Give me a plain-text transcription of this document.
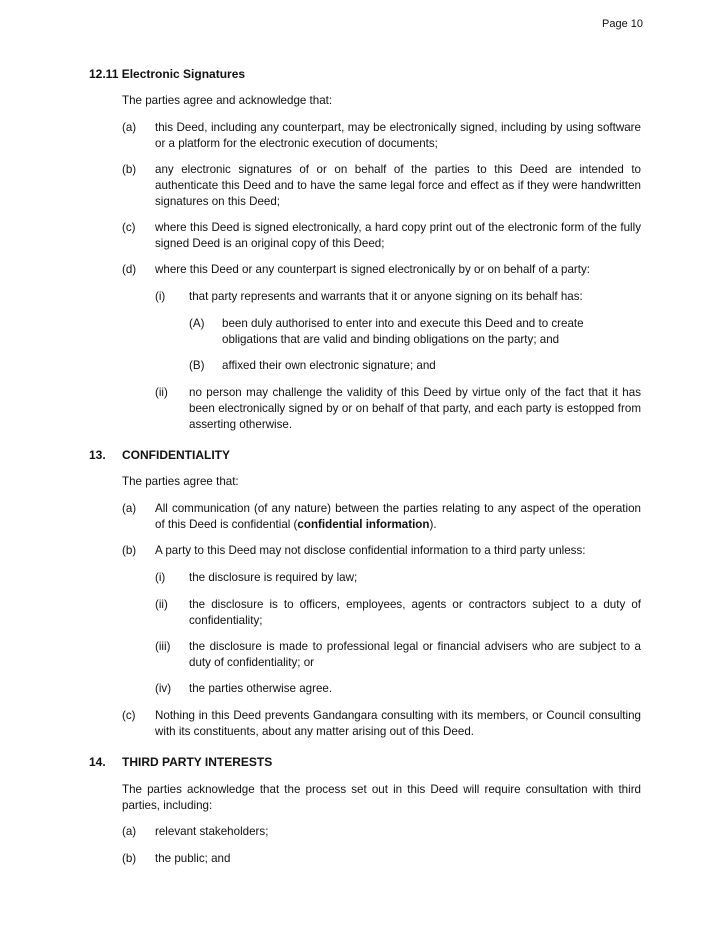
Page 10
12.11 Electronic Signatures
The parties agree and acknowledge that:
(a) this Deed, including any counterpart, may be electronically signed, including by using software or a platform for the electronic execution of documents;
(b) any electronic signatures of or on behalf of the parties to this Deed are intended to authenticate this Deed and to have the same legal force and effect as if they were handwritten signatures on this Deed;
(c) where this Deed is signed electronically, a hard copy print out of the electronic form of the fully signed Deed is an original copy of this Deed;
(d) where this Deed or any counterpart is signed electronically by or on behalf of a party:
(i) that party represents and warrants that it or anyone signing on its behalf has:
(A) been duly authorised to enter into and execute this Deed and to create obligations that are valid and binding obligations on the party; and
(B) affixed their own electronic signature; and
(ii) no person may challenge the validity of this Deed by virtue only of the fact that it has been electronically signed by or on behalf of that party, and each party is estopped from asserting otherwise.
13. CONFIDENTIALITY
The parties agree that:
(a) All communication (of any nature) between the parties relating to any aspect of the operation of this Deed is confidential (confidential information).
(b) A party to this Deed may not disclose confidential information to a third party unless:
(i) the disclosure is required by law;
(ii) the disclosure is to officers, employees, agents or contractors subject to a duty of confidentiality;
(iii) the disclosure is made to professional legal or financial advisers who are subject to a duty of confidentiality; or
(iv) the parties otherwise agree.
(c) Nothing in this Deed prevents Gandangara consulting with its members, or Council consulting with its constituents, about any matter arising out of this Deed.
14. THIRD PARTY INTERESTS
The parties acknowledge that the process set out in this Deed will require consultation with third parties, including:
(a) relevant stakeholders;
(b) the public; and
